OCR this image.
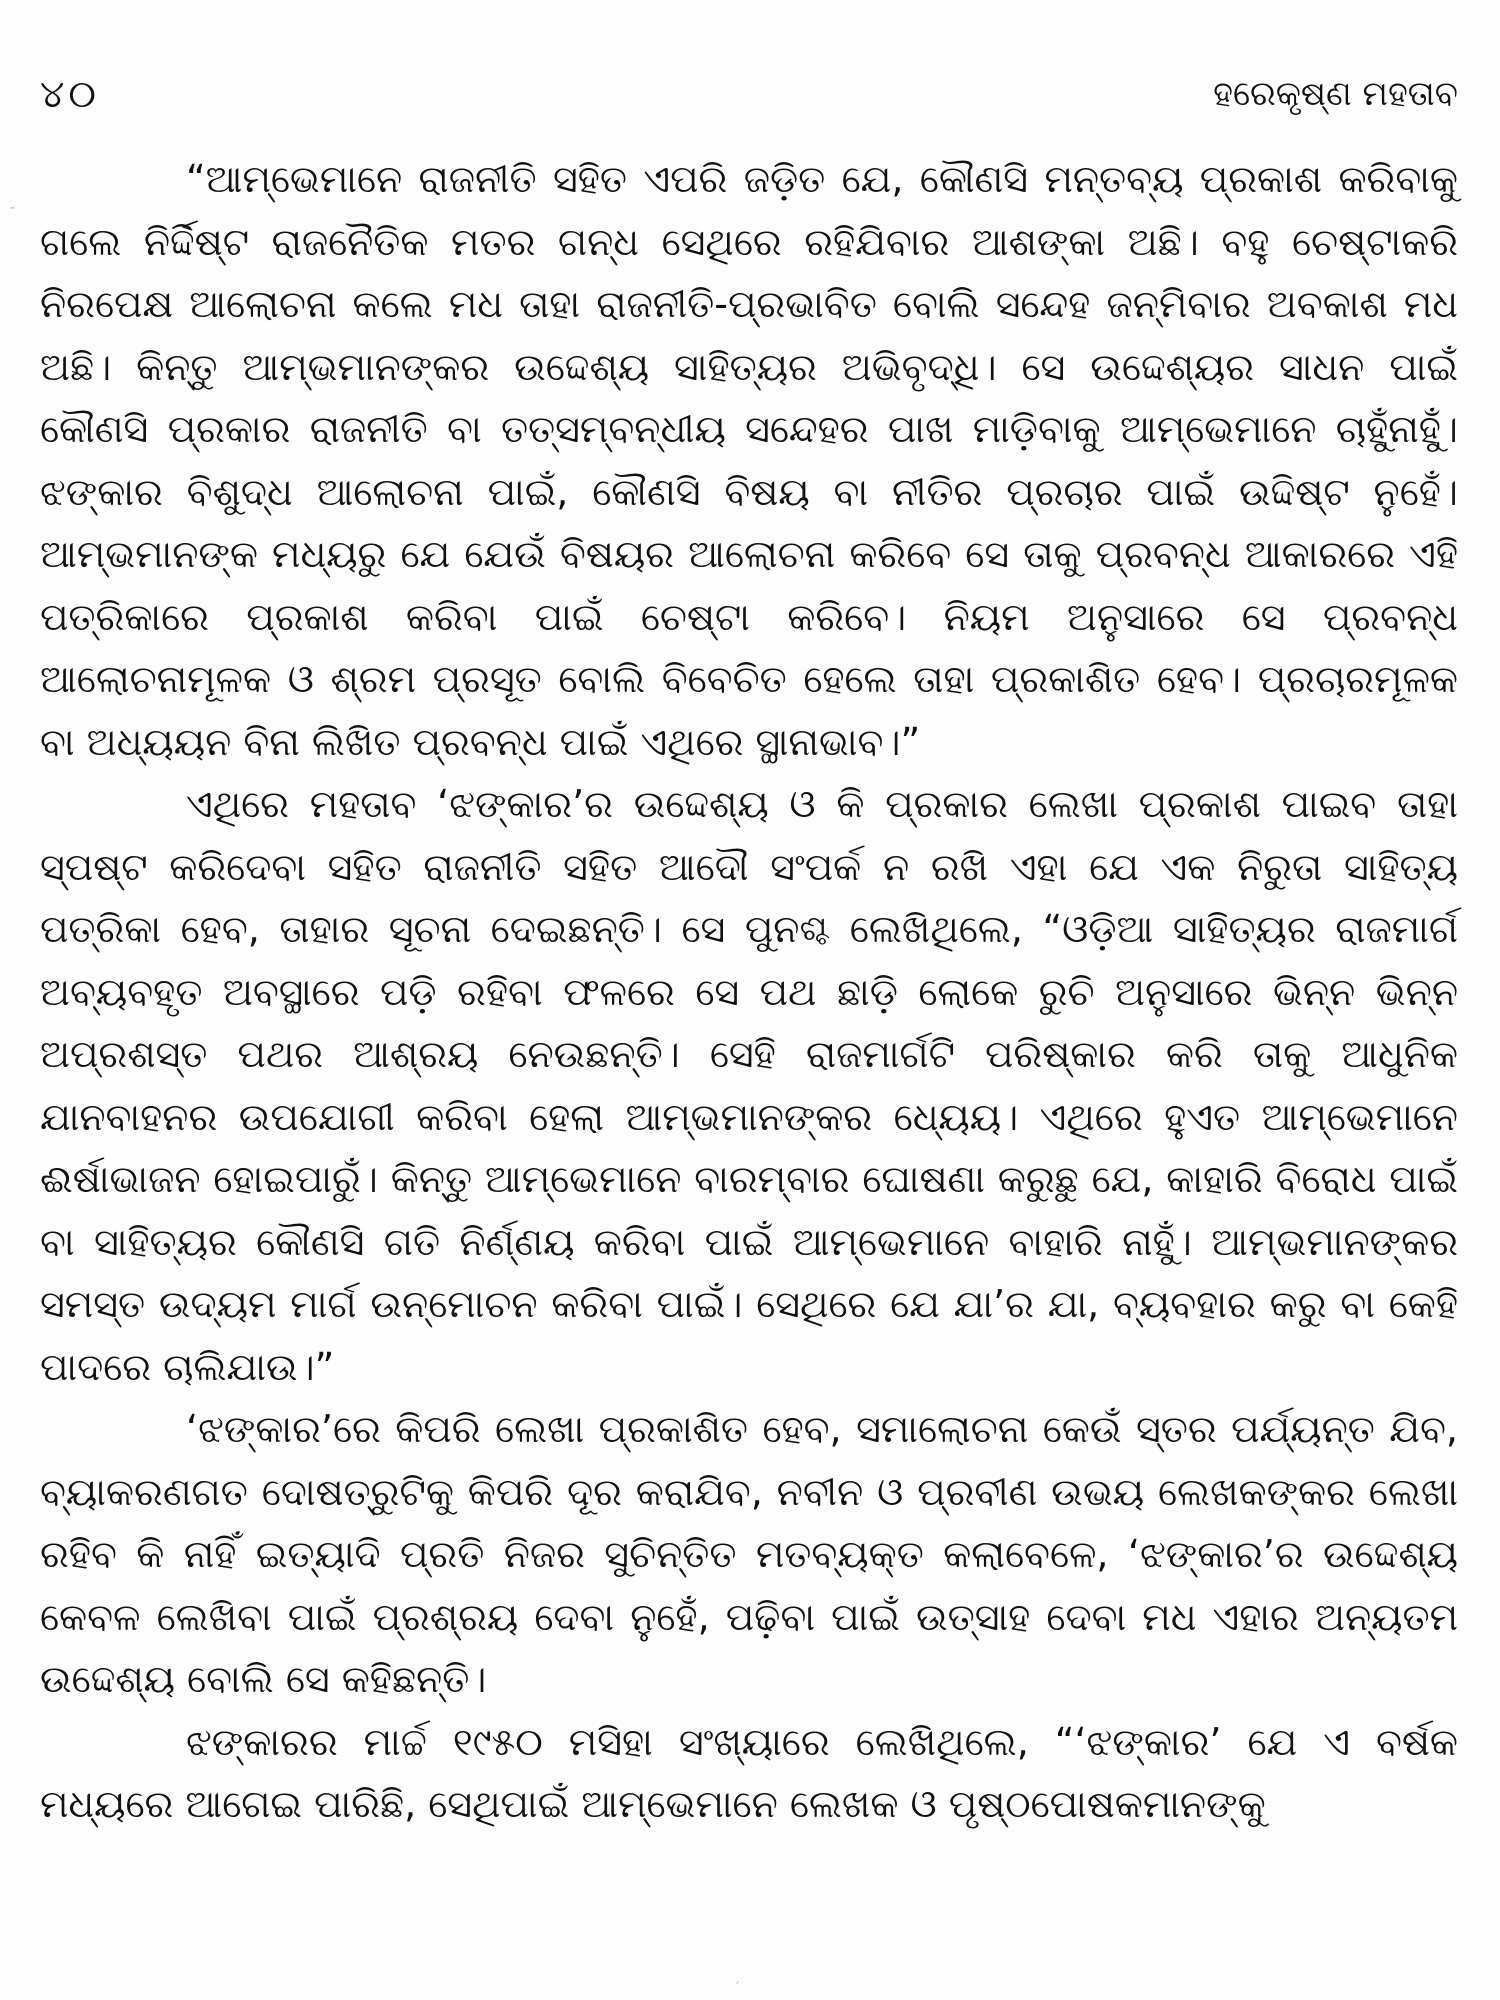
୪୦	ହରେକୃଷ୍ଣ ମହତାବ

“ଆମ୍ଭେମାନେ ରାଜନୀତି ସହିତ ଏପରି ଜଡ଼ିତ ଯେ, କୌଣସି ମନ୍ତବ୍ୟ ପ୍ରକାଶ କରିବାକୁ ଗଲେ ନିର୍ଦ୍ଦିଷ୍ଟ ରାଜନୈତିକ ମତର ଗନ୍ଧ ସେଥିରେ ରହିଯିବାର ଆଶଙ୍କା ଅଛି। ବହୁ ଚେଷ୍ଟାକରି ନିରପେକ୍ଷ ଆଲୋଚନା କଲେ ମଧ ତାହା ରାଜନୀତି-ପ୍ରଭାବିତ ବୋଲି ସନ୍ଦେହ ଜନ୍ମିବାର ଅବକାଶ ମଧ ଅଛି। କିନ୍ତୁ ଆମ୍ଭମାନଙ୍କର ଉଦ୍ଦେଶ୍ୟ ସାହିତ୍ୟର ଅଭିବୃଦ୍ଧି। ସେ ଉଦ୍ଦେଶ୍ୟର ସାଧନ ପାଇଁ କୌଣସି ପ୍ରକାର ରାଜନୀତି ବା ତତ୍‌ସମ୍ବନ୍ଧୀୟ ସନ୍ଦେହର ପାଖ ମାଡ଼ିବାକୁ ଆମ୍ଭେମାନେ ଚାହୁଁନାହୁଁ। ଝଙ୍କାର ବିଶୁଦ୍ଧ ଆଲୋଚନା ପାଇଁ, କୌଣସି ବିଷୟ ବା ନୀତିର ପ୍ରଚାର ପାଇଁ ଉଦ୍ଦିଷ୍ଟ ନୁହେଁ। ଆମ୍ଭମାନଙ୍କ ମଧ୍ୟରୁ ଯେ ଯେଉଁ ବିଷୟର ଆଲୋଚନା କରିବେ ସେ ତାକୁ ପ୍ରବନ୍ଧ ଆକାରରେ ଏହି ପତ୍ରିକାରେ ପ୍ରକାଶ କରିବା ପାଇଁ ଚେଷ୍ଟା କରିବେ। ନିୟମ ଅନୁସାରେ ସେ ପ୍ରବନ୍ଧ ଆଲୋଚନାମୂଳକ ଓ ଶ୍ରମ ପ୍ରସୂତ ବୋଲି ବିବେଚିତ ହେଲେ ତାହା ପ୍ରକାଶିତ ହେବ। ପ୍ରଚାରମୂଳକ ବା ଅଧ୍ୟୟନ ବିନା ଲିଖିତ ପ୍ରବନ୍ଧ ପାଇଁ ଏଥିରେ ସ୍ଥାନାଭାବ।”

ଏଥିରେ ମହତାବ ‘ଝଙ୍କାର’ର ଉଦ୍ଦେଶ୍ୟ ଓ କି ପ୍ରକାର ଲେଖା ପ୍ରକାଶ ପାଇବ ତାହା ସ୍ପଷ୍ଟ କରିଦେବା ସହିତ ରାଜନୀତି ସହିତ ଆଦୌ ସଂପର୍କ ନ ରଖି ଏହା ଯେ ଏକ ନିରୁତା ସାହିତ୍ୟ ପତ୍ରିକା ହେବ, ତାହାର ସୂଚନା ଦେଇଛନ୍ତି। ସେ ପୁନଶ୍ଚ ଲେଖିଥିଲେ, “ଓଡ଼ିଆ ସାହିତ୍ୟର ରାଜମାର୍ଗ ଅବ୍ୟବହୃତ ଅବସ୍ଥାରେ ପଡ଼ି ରହିବା ଫଳରେ ସେ ପଥ ଛାଡ଼ି ଲୋକେ ରୁଚି ଅନୁସାରେ ଭିନ୍ନ ଭିନ୍ନ ଅପ୍ରଶସ୍ତ ପଥର ଆଶ୍ରୟ ନେଉଛନ୍ତି। ସେହି ରାଜମାର୍ଗଟି ପରିଷ୍କାର କରି ତାକୁ ଆଧୁନିକ ଯାନବାହନର ଉପଯୋଗୀ କରିବା ହେଲା ଆମ୍ଭମାନଙ୍କର ଧ୍ୟେୟ। ଏଥିରେ ହୁଏତ ଆମ୍ଭେମାନେ ଈର୍ଷାଭାଜନ ହୋଇପାରୁଁ। କିନ୍ତୁ ଆମ୍ଭେମାନେ ବାରମ୍ବାର ଘୋଷଣା କରୁଛୁ ଯେ, କାହାରି ବିରୋଧ ପାଇଁ ବା ସାହିତ୍ୟର କୌଣସି ଗତି ନିର୍ଣ୍ଣୟ କରିବା ପାଇଁ ଆମ୍ଭେମାନେ ବାହାରି ନାହୁଁ। ଆମ୍ଭମାନଙ୍କର ସମସ୍ତ ଉଦ୍ୟମ ମାର୍ଗ ଉନ୍ମୋଚନ କରିବା ପାଇଁ। ସେଥିରେ ଯେ ଯା’ର ଯା, ବ୍ୟବହାର କରୁ ବା କେହି ପାଦରେ ଚାଲିଯାଉ।”

‘ଝଙ୍କାର’ରେ କିପରି ଲେଖା ପ୍ରକାଶିତ ହେବ, ସମାଲୋଚନା କେଉଁ ସ୍ତର ପର୍ଯ୍ୟନ୍ତ ଯିବ, ବ୍ୟାକରଣଗତ ଦୋଷତ୍ରୁଟିକୁ କିପରି ଦୂର କରାଯିବ, ନବୀନ ଓ ପ୍ରବୀଣ ଉଭୟ ଲେଖକଙ୍କର ଲେଖା ରହିବ କି ନାହିଁ ଇତ୍ୟାଦି ପ୍ରତି ନିଜର ସୁଚିନ୍ତିତ ମତବ୍ୟକ୍ତ କଲାବେଳେ, ‘ଝଙ୍କାର’ର ଉଦ୍ଦେଶ୍ୟ କେବଳ ଲେଖିବା ପାଇଁ ପ୍ରଶ୍ରୟ ଦେବା ନୁହେଁ, ପଢ଼ିବା ପାଇଁ ଉତ୍ସାହ ଦେବା ମଧ ଏହାର ଅନ୍ୟତମ ଉଦ୍ଦେଶ୍ୟ ବୋଲି ସେ କହିଛନ୍ତି।

ଝଙ୍କାରର ମାର୍ଚ୍ଚ ୧୯୫୦ ମସିହା ସଂଖ୍ୟାରେ ଲେଖିଥିଲେ, “‘ଝଙ୍କାର’ ଯେ ଏ ବର୍ଷକ ମଧ୍ୟରେ ଆଗେଇ ପାରିଛି, ସେଥିପାଇଁ ଆମ୍ଭେମାନେ ଲେଖକ ଓ ପୃଷ୍ଠପୋଷକମାନଙ୍କୁ

‐
′
